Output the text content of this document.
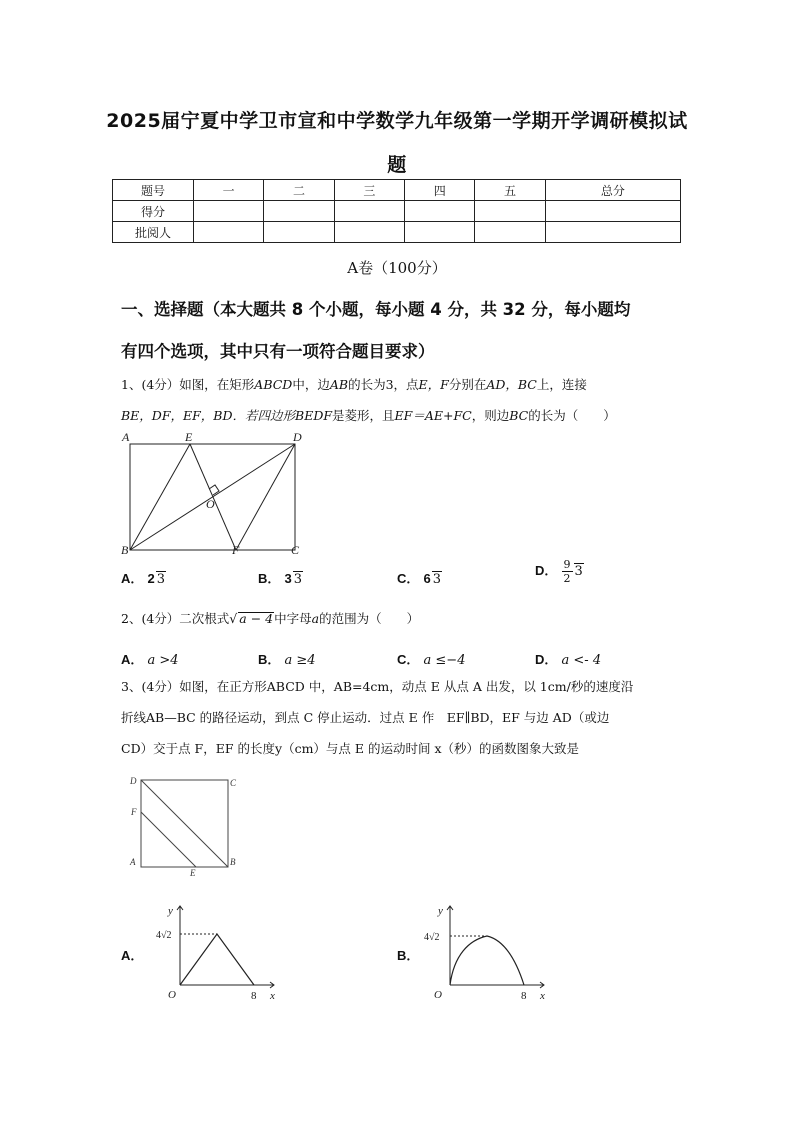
2025届宁夏中学卫市宣和中学数学九年级第一学期开学调研模拟试
题
题号	一	二	三	四	五	总分
得分						
批阅人						
A卷（100分）
一、选择题（本大题共 8 个小题，每小题 4 分，共 32 分，每小题均
有四个选项，其中只有一项符合题目要求）
1、(4分）如图，在矩形ABCD中，边AB的长为3，点E，F分别在AD，BC上，连接
BE，DF，EF，BD．若四边形BEDF是菱形，且EF＝AE+FC，则边BC的长为（　　）
A	E	D
O
B	F	C
A． 2 3	B． 3 3	C． 6 3
D． $\frac{9}{2} 3$
2、(4分）二次根式√ a − 4中字母a的范围为（　　）
A． a >4	B． a ≥4	C． a ≤−4	D． a <- 4
3、(4分）如图，在正方形ABCD 中，AB=4cm，动点 E 从点 A 出发，以 1cm/秒的速度沿
折线AB—BC 的路径运动，到点 C 停止运动．过点 E 作　EF∥BD，EF 与边 AD（或边
CD）交于点 F，EF 的长度y（cm）与点 E 的运动时间 x（秒）的函数图象大致是
D	C
F
A
E
B
A．
y
x
O	8
4√2
B．
y
x
O	8
4√2
